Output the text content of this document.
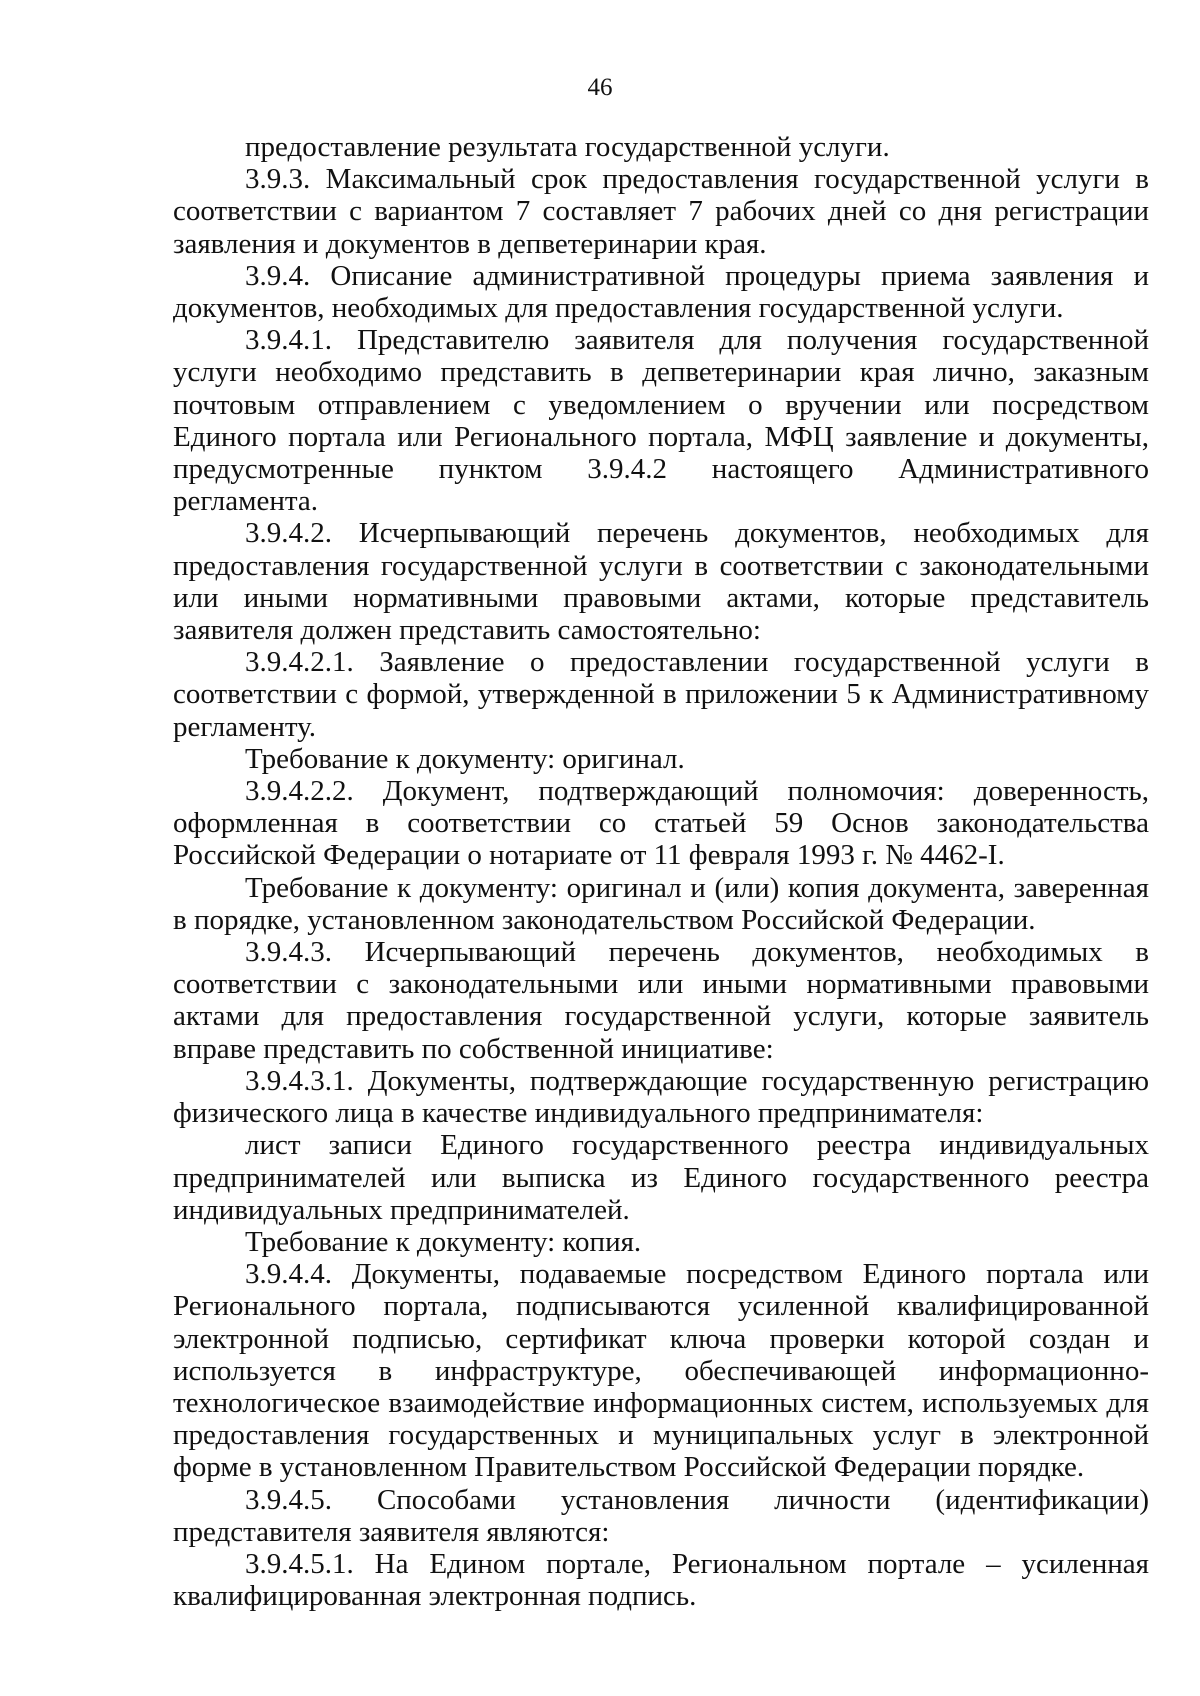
46

предоставление результата государственной услуги.

3.9.3. Максимальный срок предоставления государственной услуги в соответствии с вариантом 7 составляет 7 рабочих дней со дня регистрации заявления и документов в депветеринарии края.

3.9.4. Описание административной процедуры приема заявления и документов, необходимых для предоставления государственной услуги.

3.9.4.1. Представителю заявителя для получения государственной услуги необходимо представить в депветеринарии края лично, заказным почтовым отправлением с уведомлением о вручении или посредством Единого портала или Регионального портала, МФЦ заявление и документы, предусмотренные пунктом 3.9.4.2 настоящего Административного регламента.

3.9.4.2. Исчерпывающий перечень документов, необходимых для предоставления государственной услуги в соответствии с законодательными или иными нормативными правовыми актами, которые представитель заявителя должен представить самостоятельно:

3.9.4.2.1. Заявление о предоставлении государственной услуги в соответствии с формой, утвержденной в приложении 5 к Административному регламенту.

Требование к документу: оригинал.

3.9.4.2.2. Документ, подтверждающий полномочия: доверенность, оформленная в соответствии со статьей 59 Основ законодательства Российской Федерации о нотариате от 11 февраля 1993 г. № 4462-I.

Требование к документу: оригинал и (или) копия документа, заверенная в порядке, установленном законодательством Российской Федерации.

3.9.4.3. Исчерпывающий перечень документов, необходимых в соответствии с законодательными или иными нормативными правовыми актами для предоставления государственной услуги, которые заявитель вправе представить по собственной инициативе:

3.9.4.3.1. Документы, подтверждающие государственную регистрацию физического лица в качестве индивидуального предпринимателя:

лист записи Единого государственного реестра индивидуальных предпринимателей или выписка из Единого государственного реестра индивидуальных предпринимателей.

Требование к документу: копия.

3.9.4.4. Документы, подаваемые посредством Единого портала или Регионального портала, подписываются усиленной квалифицированной электронной подписью, сертификат ключа проверки которой создан и используется в инфраструктуре, обеспечивающей информационно-технологическое взаимодействие информационных систем, используемых для предоставления государственных и муниципальных услуг в электронной форме в установленном Правительством Российской Федерации порядке.

3.9.4.5. Способами установления личности (идентификации) представителя заявителя являются:

3.9.4.5.1. На Едином портале, Региональном портале – усиленная квалифицированная электронная подпись.
